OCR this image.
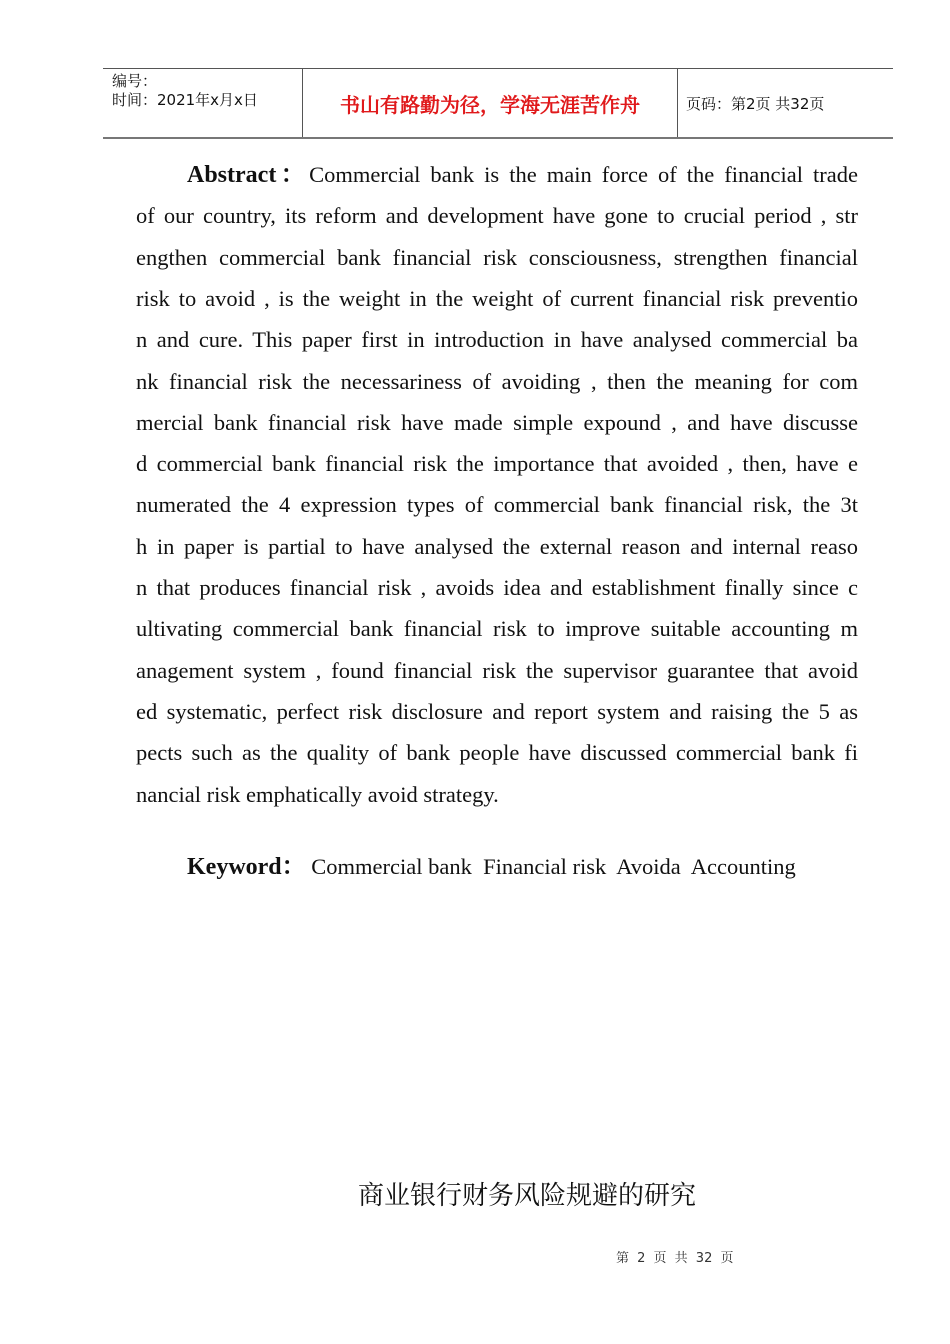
编号：
时间：2021年x月x日	书山有路勤为径，学海无涯苦作舟	页码：第2页 共32页
Abstract：Commercial bank is the main force of the financial trade
of our country, its reform and development have gone to crucial period , str
engthen commercial bank financial risk consciousness, strengthen financial
risk to avoid , is the weight in the weight of current financial risk preventio
n and cure. This paper first in introduction in have analysed commercial ba
nk financial risk the necessariness of avoiding , then the meaning for com
mercial bank financial risk have made simple expound , and have discusse
d commercial bank financial risk the importance that avoided , then, have e
numerated the 4 expression types of commercial bank financial risk, the 3t
h in paper is partial to have analysed the external reason and internal reaso
n that produces financial risk , avoids idea and establishment finally since c
ultivating commercial bank financial risk to improve suitable accounting m
anagement system , found financial risk the supervisor guarantee that avoid
ed systematic, perfect risk disclosure and report system and raising the 5 as
pects such as the quality of bank people have discussed commercial bank fi
nancial risk emphatically avoid strategy.
Keyword： Commercial bank  Financial risk  Avoida  Accounting
商业银行财务风险规避的研究
第 2 页 共 32 页
